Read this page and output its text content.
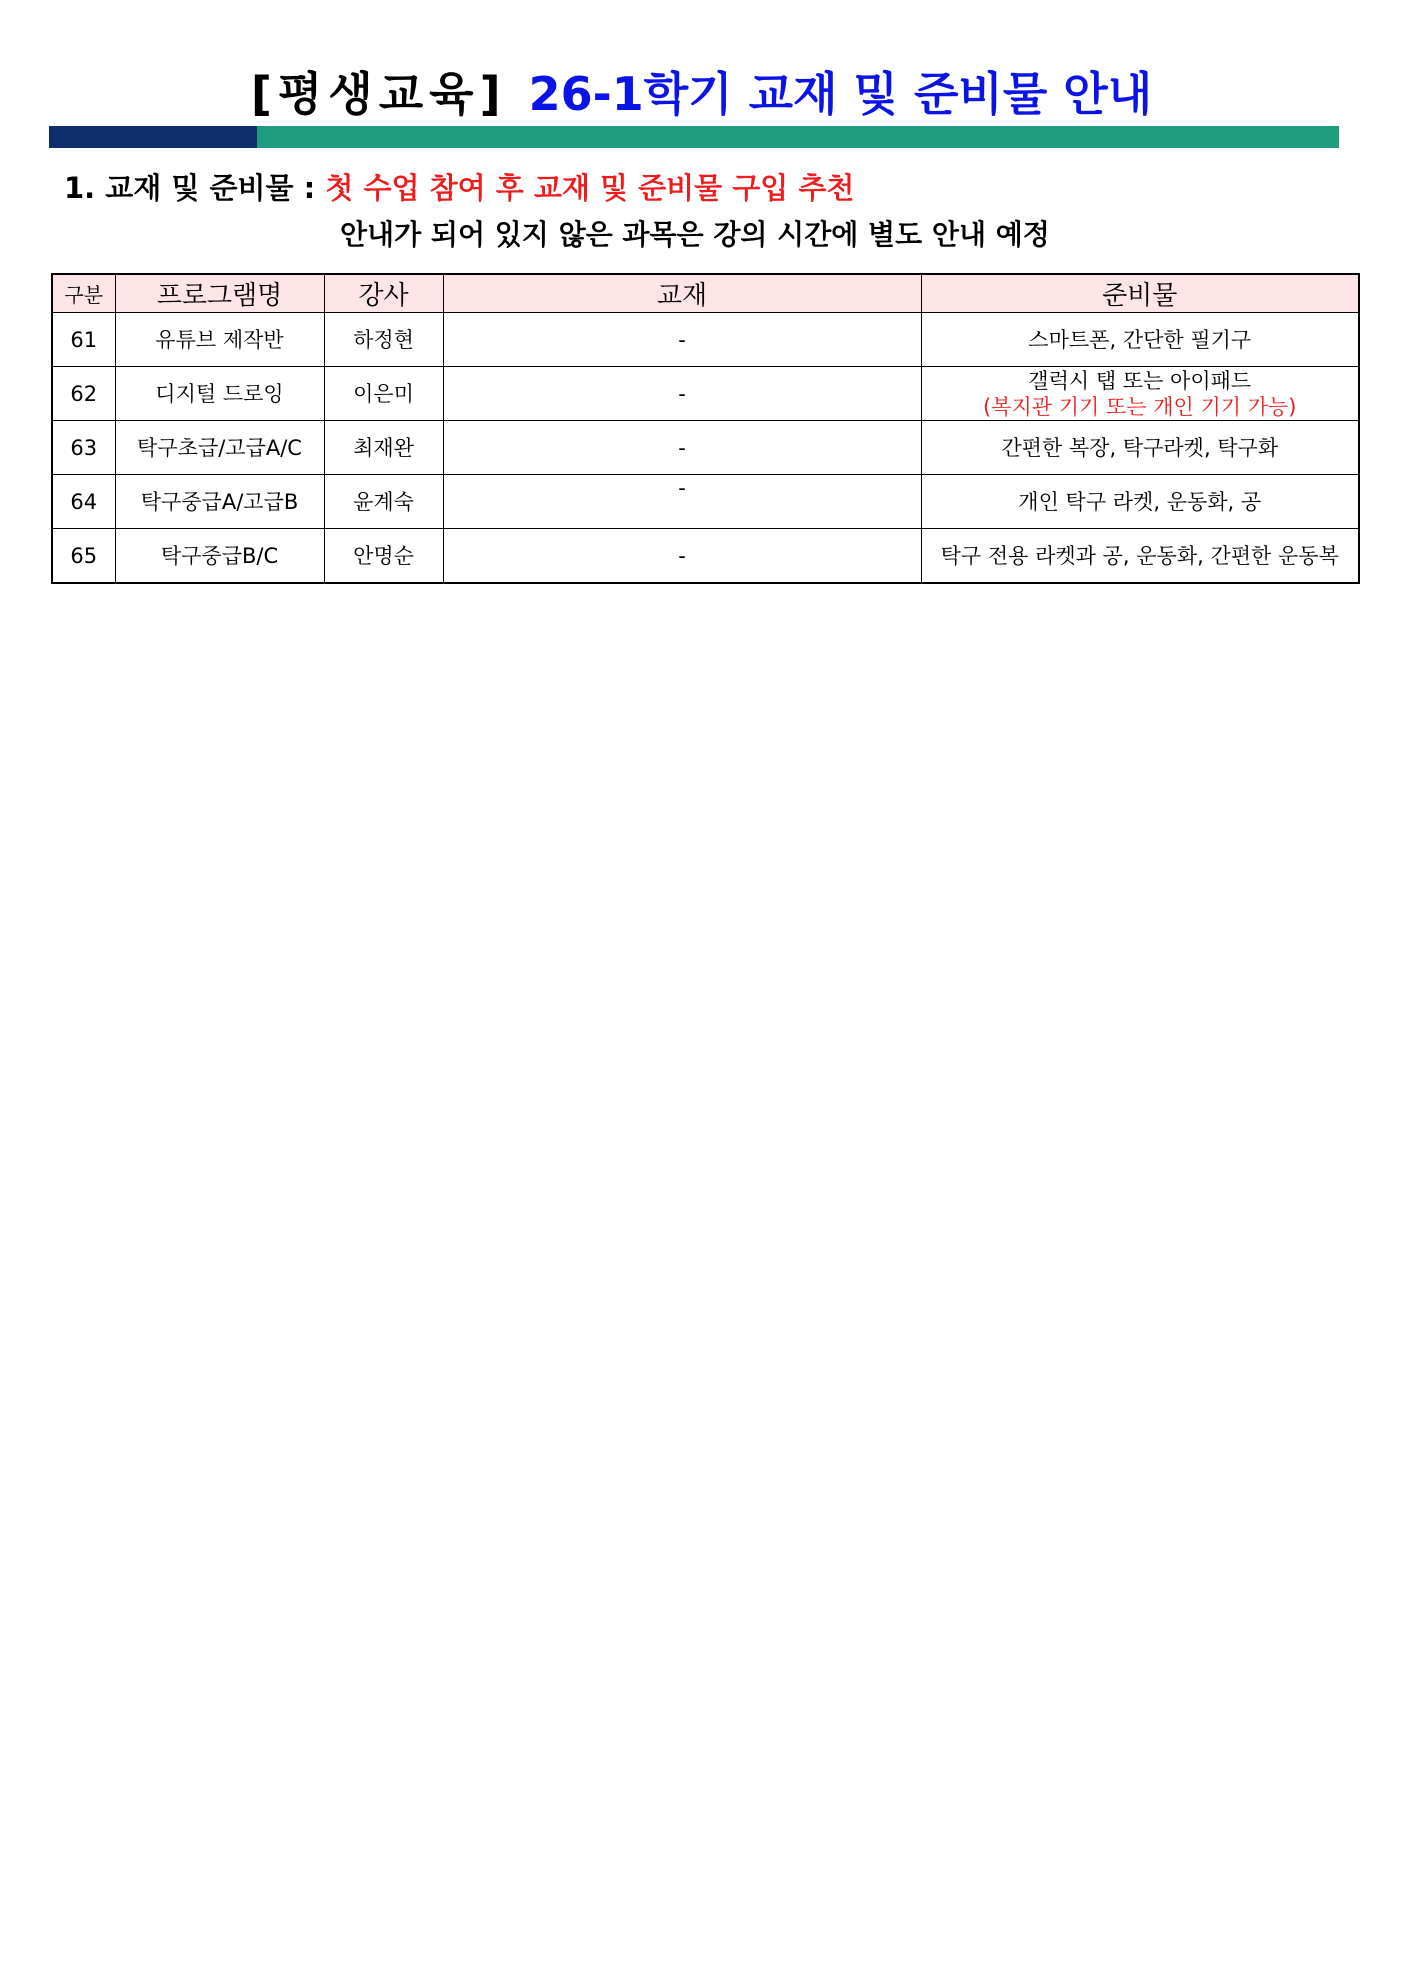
[평생교육] 26-1학기 교재 및 준비물 안내
1. 교재 및 준비물 : 첫 수업 참여 후 교재 및 준비물 구입 추천
안내가 되어 있지 않은 과목은 강의 시간에 별도 안내 예정
구분	프로그램명	강사	교재	준비물
61	유튜브 제작반	하정현	-	스마트폰, 간단한 필기구
62	디지털 드로잉	이은미	-	갤럭시 탭 또는 아이패드
(복지관 기기 또는 개인 기기 가능)

63	탁구초급/고급A/C	최재완	-	간편한 복장, 탁구라켓, 탁구화
64	탁구중급A/고급B	윤계숙	-	개인 탁구 라켓, 운동화, 공
65	탁구중급B/C	안명순	-	탁구 전용 라켓과 공, 운동화, 간편한 운동복
